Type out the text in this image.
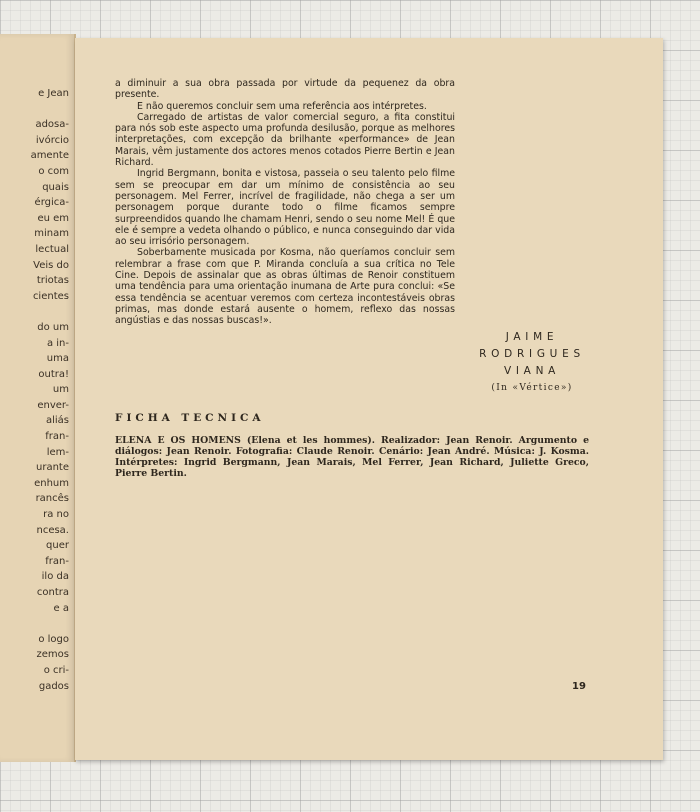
e Jean

adosa-
ivórcio
amente
o com
quais
érgica-
eu em
minam
lectual
Veis do
triotas
cientes

do um
a in-
uma
outra!
um
enver-
aliás
fran-
lem-
urante
enhum
rancês
ra no
ncesa.
quer
fran-
ilo da
contra
e a

o logo
zemos
o cri-
gados

a diminuir a sua obra passada por virtude da pequenez da obra presente.

E não queremos concluir sem uma referência aos intérpretes.

Carregado de artistas de valor comercial seguro, a fita constitui para nós sob este aspecto uma profunda desilusão, porque as melhores interpretações, com excepção da brilhante «performance» de Jean Marais, vêm justamente dos actores menos cotados Pierre Bertin e Jean Richard.

Ingrid Bergmann, bonita e vistosa, passeia o seu talento pelo filme sem se preocupar em dar um mínimo de consistência ao seu personagem. Mel Ferrer, incrível de fragilidade, não chega a ser um personagem porque durante todo o filme ficamos sempre surpreendidos quando lhe chamam Henri, sendo o seu nome Mel! É que ele é sempre a vedeta olhando o público, e nunca conseguindo dar vida ao seu irrisório personagem.

Soberbamente musicada por Kosma, não queríamos concluir sem relembrar a frase com que P. Miranda concluía a sua crítica no Tele Cine. Depois de assinalar que as obras últimas de Renoir constituem uma tendência para uma orientação inumana de Arte pura conclui: «Se essa tendência se acentuar veremos com certeza incontestáveis obras primas, mas donde estará ausente o homem, reflexo das nossas angústias e das nossas buscas!».

JAIME
RODRIGUES
VIANA
(In «Vértice»)
FICHA TECNICA
ELENA E OS HOMENS (Elena et les hommes). Realizador: Jean Renoir. Argumento e diálogos: Jean Renoir. Fotografia: Claude Renoir. Cenário: Jean André. Música: J. Kosma. Intérpretes: Ingrid Bergmann, Jean Marais, Mel Ferrer, Jean Richard, Juliette Greco, Pierre Bertin.
19
